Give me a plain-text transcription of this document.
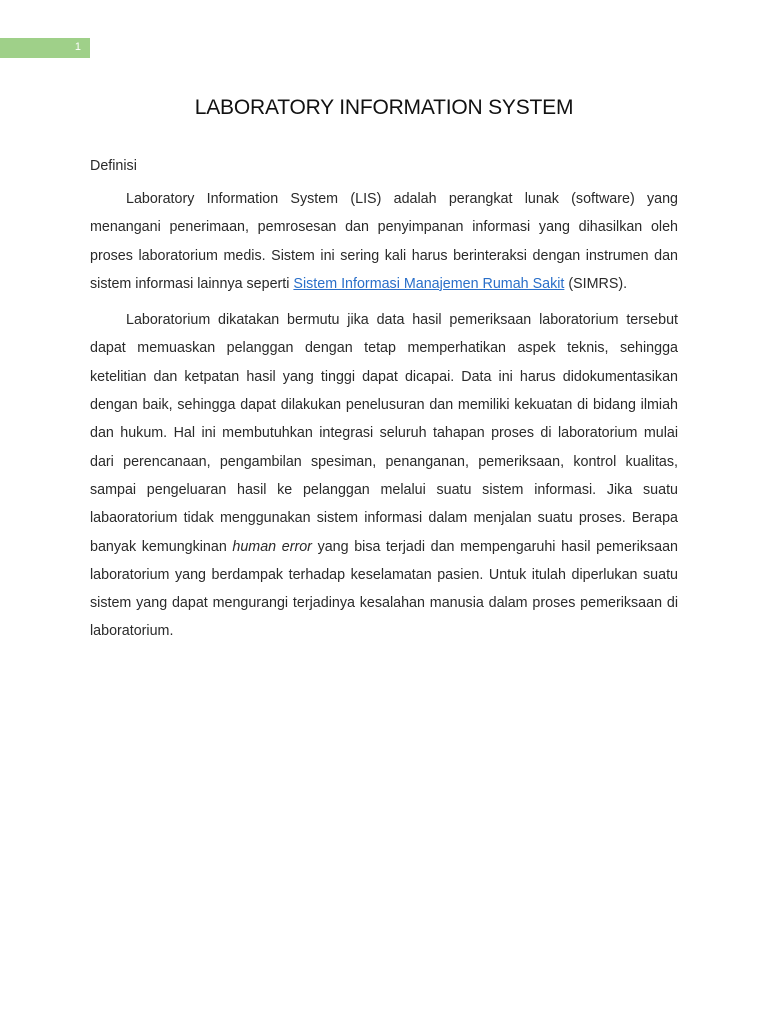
1
LABORATORY INFORMATION SYSTEM
Definisi

Laboratory Information System (LIS) adalah perangkat lunak (software) yang menangani penerimaan, pemrosesan dan penyimpanan informasi yang dihasilkan oleh proses laboratorium medis. Sistem ini sering kali harus berinteraksi dengan instrumen dan sistem informasi lainnya seperti Sistem Informasi Manajemen Rumah Sakit (SIMRS).

Laboratorium dikatakan bermutu jika data hasil pemeriksaan laboratorium tersebut dapat memuaskan pelanggan dengan tetap memperhatikan aspek teknis, sehingga ketelitian dan ketpatan hasil yang tinggi dapat dicapai. Data ini harus didokumentasikan dengan baik, sehingga dapat dilakukan penelusuran dan memiliki kekuatan di bidang ilmiah dan hukum. Hal ini membutuhkan integrasi seluruh tahapan proses di laboratorium mulai dari perencanaan, pengambilan spesiman, penanganan, pemeriksaan, kontrol kualitas, sampai pengeluaran hasil ke pelanggan melalui suatu sistem informasi. Jika suatu labaoratorium tidak menggunakan sistem informasi dalam menjalan suatu proses. Berapa banyak kemungkinan human error yang bisa terjadi dan mempengaruhi hasil pemeriksaan laboratorium yang berdampak terhadap keselamatan pasien. Untuk itulah diperlukan suatu sistem yang dapat mengurangi terjadinya kesalahan manusia dalam proses pemeriksaan di laboratorium.
